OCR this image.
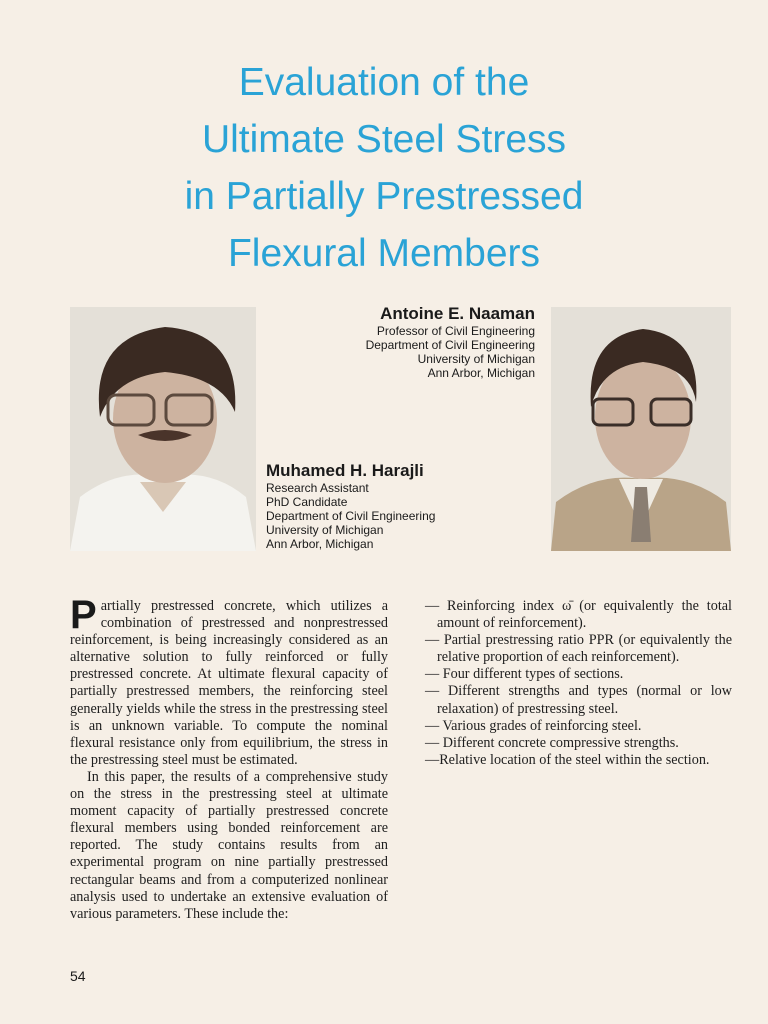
Evaluation of the
Ultimate Steel Stress
in Partially Prestressed
Flexural Members
Antoine E. Naaman
Professor of Civil Engineering
Department of Civil Engineering
University of Michigan
Ann Arbor, Michigan
Muhamed H. Harajli
Research Assistant
PhD Candidate
Department of Civil Engineering
University of Michigan
Ann Arbor, Michigan

Partially prestressed concrete, which utilizes a combination of prestressed and nonprestressed reinforcement, is being increasingly considered as an alternative solution to fully reinforced or fully prestressed concrete. At ultimate flexural capacity of partially prestressed members, the reinforcing steel generally yields while the stress in the prestressing steel is an unknown variable. To compute the nominal flexural resistance only from equilibrium, the stress in the prestressing steel must be estimated.

In this paper, the results of a comprehensive study on the stress in the prestressing steel at ultimate moment capacity of partially prestressed concrete flexural members using bonded reinforcement are reported. The study contains results from an experimental program on nine partially prestressed rectangular beams and from a computerized nonlinear analysis used to undertake an extensive evaluation of various parameters. These include the:

— Reinforcing index ω̄ (or equivalently the total amount of reinforcement).
— Partial prestressing ratio PPR (or equivalently the relative proportion of each reinforcement).
— Four different types of sections.
— Different strengths and types (normal or low relaxation) of prestressing steel.
— Various grades of reinforcing steel.
— Different concrete compressive strengths.
—Relative location of the steel within the section.
54
